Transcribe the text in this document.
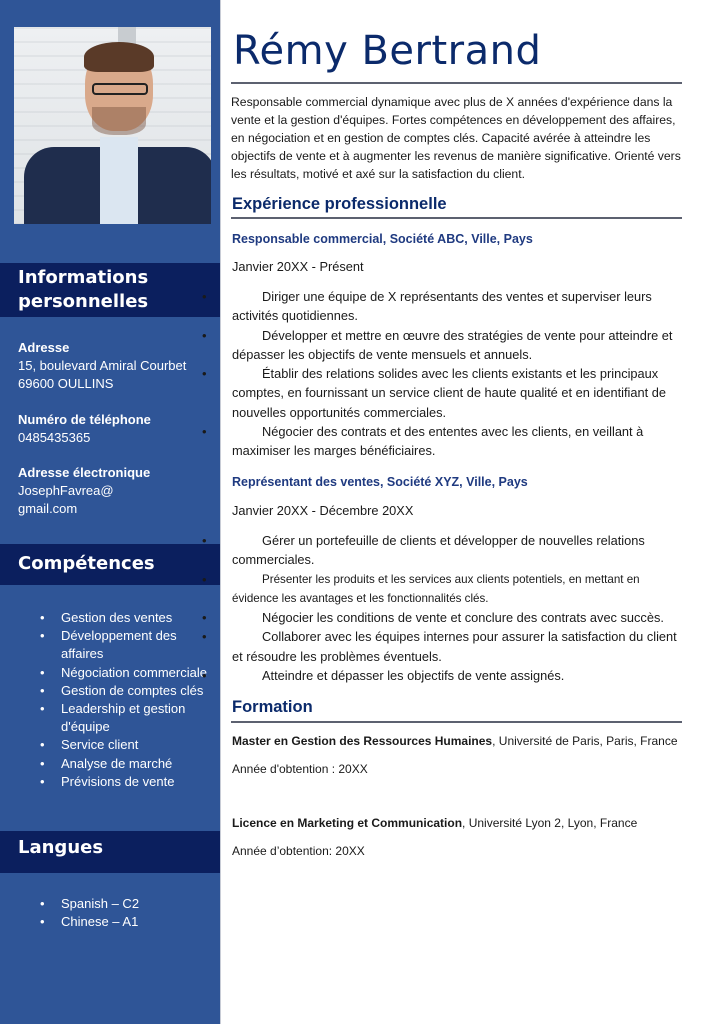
Informations personnelles
Adresse
15, boulevard Amiral Courbet
69600 OULLINS
Numéro de téléphone
0485435365
Adresse électronique
JosephFavrea@
gmail.com
Compétences
• Gestion des ventes
• Développement des affaires
• Négociation commerciale
• Gestion de comptes clés
• Leadership et gestion d'équipe
• Service client
• Analyse de marché
• Prévisions de vente
Langues
• Spanish – C2
• Chinese – A1
Rémy Bertrand

Responsable commercial dynamique avec plus de X années d'expérience dans la vente et la gestion d'équipes. Fortes compétences en développement des affaires, en négociation et en gestion de comptes clés. Capacité avérée à atteindre les objectifs de vente et à augmenter les revenus de manière significative. Orienté vers les résultats, motivé et axé sur la satisfaction du client.

Expérience professionnelle
Responsable commercial, Société ABC, Ville, Pays
Janvier 20XX - Présent
• Diriger une équipe de X représentants des ventes et superviser leurs activités quotidiennes.
• Développer et mettre en œuvre des stratégies de vente pour atteindre et dépasser les objectifs de vente mensuels et annuels.
• Établir des relations solides avec les clients existants et les principaux comptes, en fournissant un service client de haute qualité et en identifiant de nouvelles opportunités commerciales.
• Négocier des contrats et des ententes avec les clients, en veillant à maximiser les marges bénéficiaires.
Représentant des ventes, Société XYZ, Ville, Pays
Janvier 20XX - Décembre 20XX
• Gérer un portefeuille de clients et développer de nouvelles relations commerciales.
• Présenter les produits et les services aux clients potentiels, en mettant en évidence les avantages et les fonctionnalités clés.
• Négocier les conditions de vente et conclure des contrats avec succès.
• Collaborer avec les équipes internes pour assurer la satisfaction du client et résoudre les problèmes éventuels.
• Atteindre et dépasser les objectifs de vente assignés.
Formation
Master en Gestion des Ressources Humaines, Université de Paris, Paris, France
Année d'obtention : 20XX
Licence en Marketing et Communication, Université Lyon 2, Lyon, France
Année d’obtention: 20XX
